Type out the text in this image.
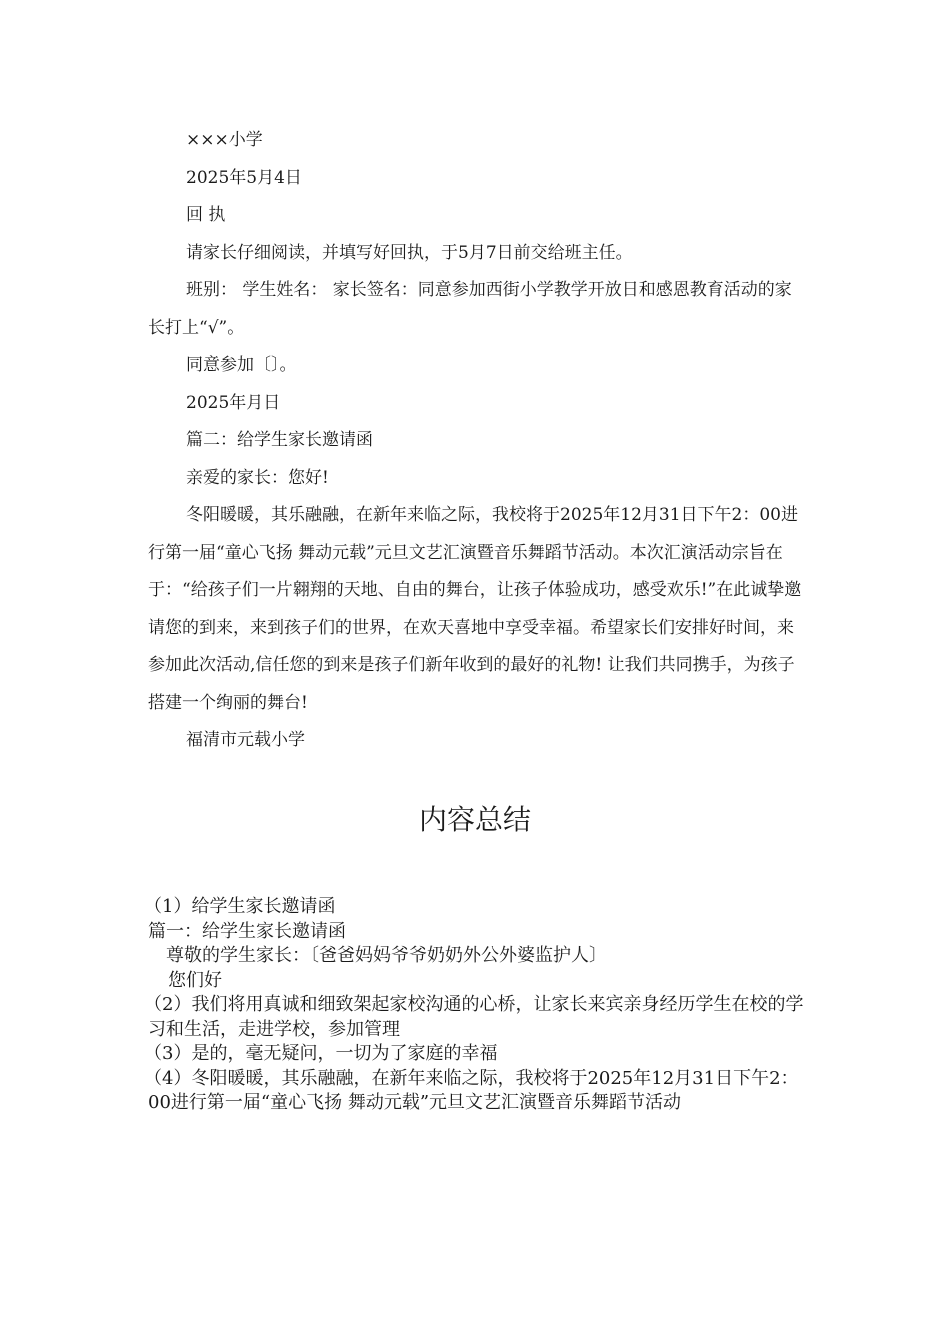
×××小学

2025年5月4日

回 执

请家长仔细阅读，并填写好回执，于5月7日前交给班主任。

班别： 学生姓名： 家长签名：同意参加西街小学教学开放日和感恩教育活动的家长打上“√”。

同意参加〔〕。

2025年月日

篇二：给学生家长邀请函

亲爱的家长：您好!

冬阳暖暖，其乐融融，在新年来临之际，我校将于2025年12月31日下午2：00进行第一届“童心飞扬 舞动元载”元旦文艺汇演暨音乐舞蹈节活动。本次汇演活动宗旨在于：“给孩子们一片翱翔的天地、自由的舞台，让孩子体验成功，感受欢乐!”在此诚挚邀请您的到来，来到孩子们的世界，在欢天喜地中享受幸福。希望家长们安排好时间，来参加此次活动,信任您的到来是孩子们新年收到的最好的礼物! 让我们共同携手，为孩子搭建一个绚丽的舞台!

福清市元载小学

内容总结
（1）给学生家长邀请函
篇一：给学生家长邀请函
尊敬的学生家长：〔爸爸妈妈爷爷奶奶外公外婆监护人〕
您们好
（2）我们将用真诚和细致架起家校沟通的心桥，让家长来宾亲身经历学生在校的学习和生活，走进学校，参加管理
（3）是的，毫无疑问，一切为了家庭的幸福
（4）冬阳暖暖，其乐融融，在新年来临之际，我校将于2025年12月31日下午2：00进行第一届“童心飞扬 舞动元载”元旦文艺汇演暨音乐舞蹈节活动
